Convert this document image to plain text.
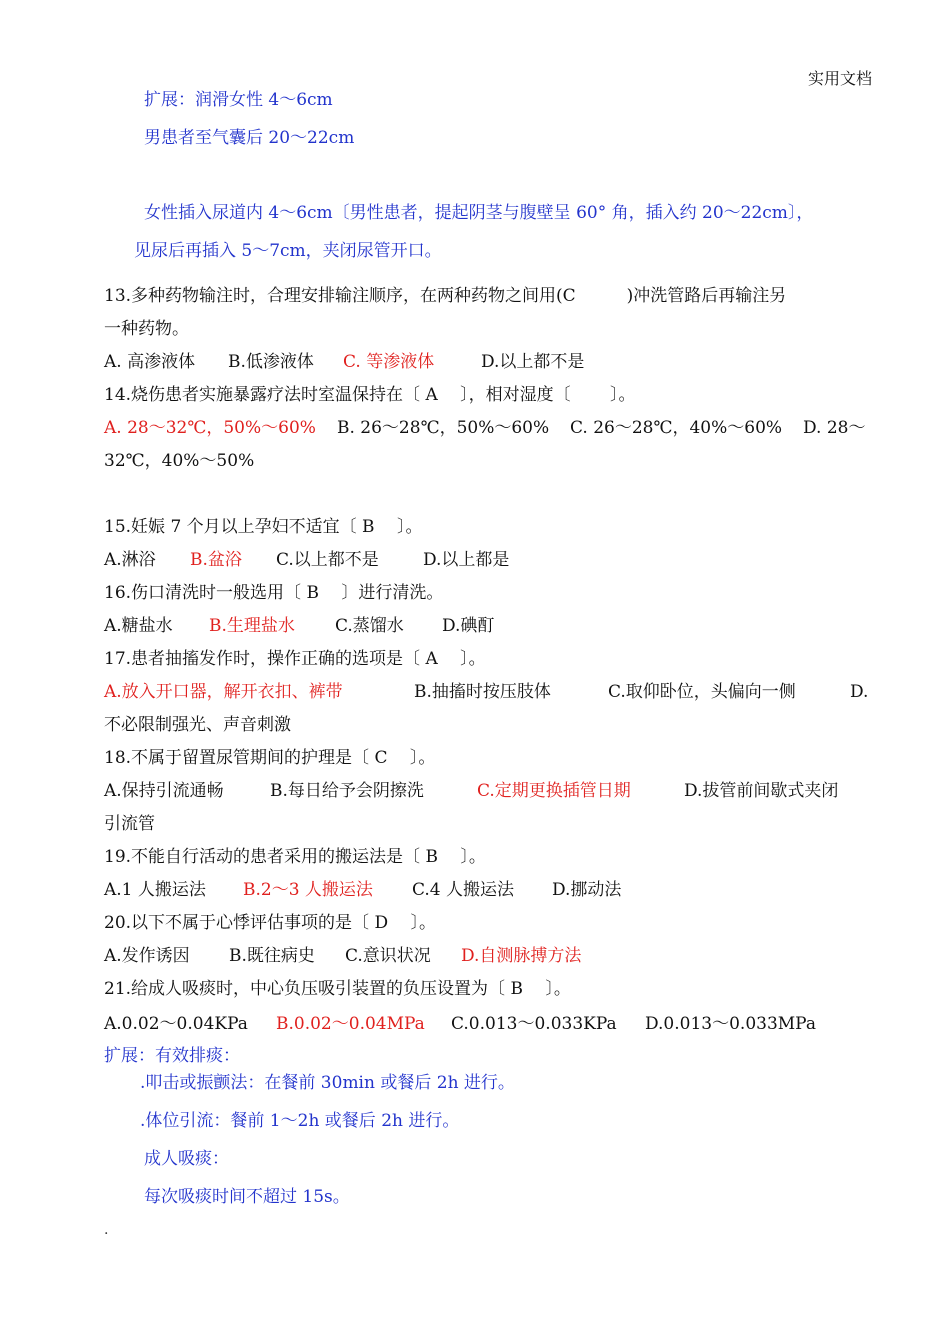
实用文档
扩展：润滑女性 4～6cm
男患者至气囊后 20～22cm
女性插入尿道内 4～6cm〔男性患者，提起阴茎与腹壁呈 60° 角，插入约 20～22cm〕，
见尿后再插入 5～7cm，夹闭尿管开口。
13.多种药物输注时，合理安排输注顺序，在两种药物之间用(C　　　)冲洗管路后再输注另
一种药物。
A. 高渗液体 B.低渗液体 C. 等渗液体	D.以上都不是
14.烧伤患者实施暴露疗法时室温保持在〔 A 　〕，相对湿度〔　　 〕。
A. 28～32℃，50%～60% B. 26～28℃，50%～60% C. 26～28℃，40%～60% D. 28～
32℃，40%～50%
15.妊娠 7 个月以上孕妇不适宜〔 B 　〕。
A.淋浴 B.盆浴 C.以上都不是	D.以上都是
16.伤口清洗时一般选用〔 B 　〕进行清洗。
A.糖盐水 B.生理盐水 C.蒸馏水 D.碘酊
17.患者抽搐发作时，操作正确的选项是〔 A 　〕。
A.放入开口器，解开衣扣、裤带	B.抽搐时按压肢体	C.取仰卧位，头偏向一侧	D.
不必限制强光、声音刺激
18.不属于留置尿管期间的护理是〔 C 　〕。
A.保持引流通畅	B.每日给予会阴擦洗	C.定期更换插管日期	D.拔管前间歇式夹闭
引流管
19.不能自行活动的患者采用的搬运法是〔 B 　〕。
A.1 人搬运法 B.2～3 人搬运法 C.4 人搬运法 D.挪动法
20.以下不属于心悸评估事项的是〔 D 　〕。
A.发作诱因 B.既往病史 C.意识状况 D.自测脉搏方法
21.给成人吸痰时，中心负压吸引装置的负压设置为〔 B 　〕。
A.0.02～0.04KPa B.0.02～0.04MPa C.0.013～0.033KPa D.0.013～0.033MPa
扩展：有效排痰：
.叩击或振颤法：在餐前 30min 或餐后 2h 进行。
.体位引流：餐前 1～2h 或餐后 2h 进行。
成人吸痰：
每次吸痰时间不超过 15s。
.
